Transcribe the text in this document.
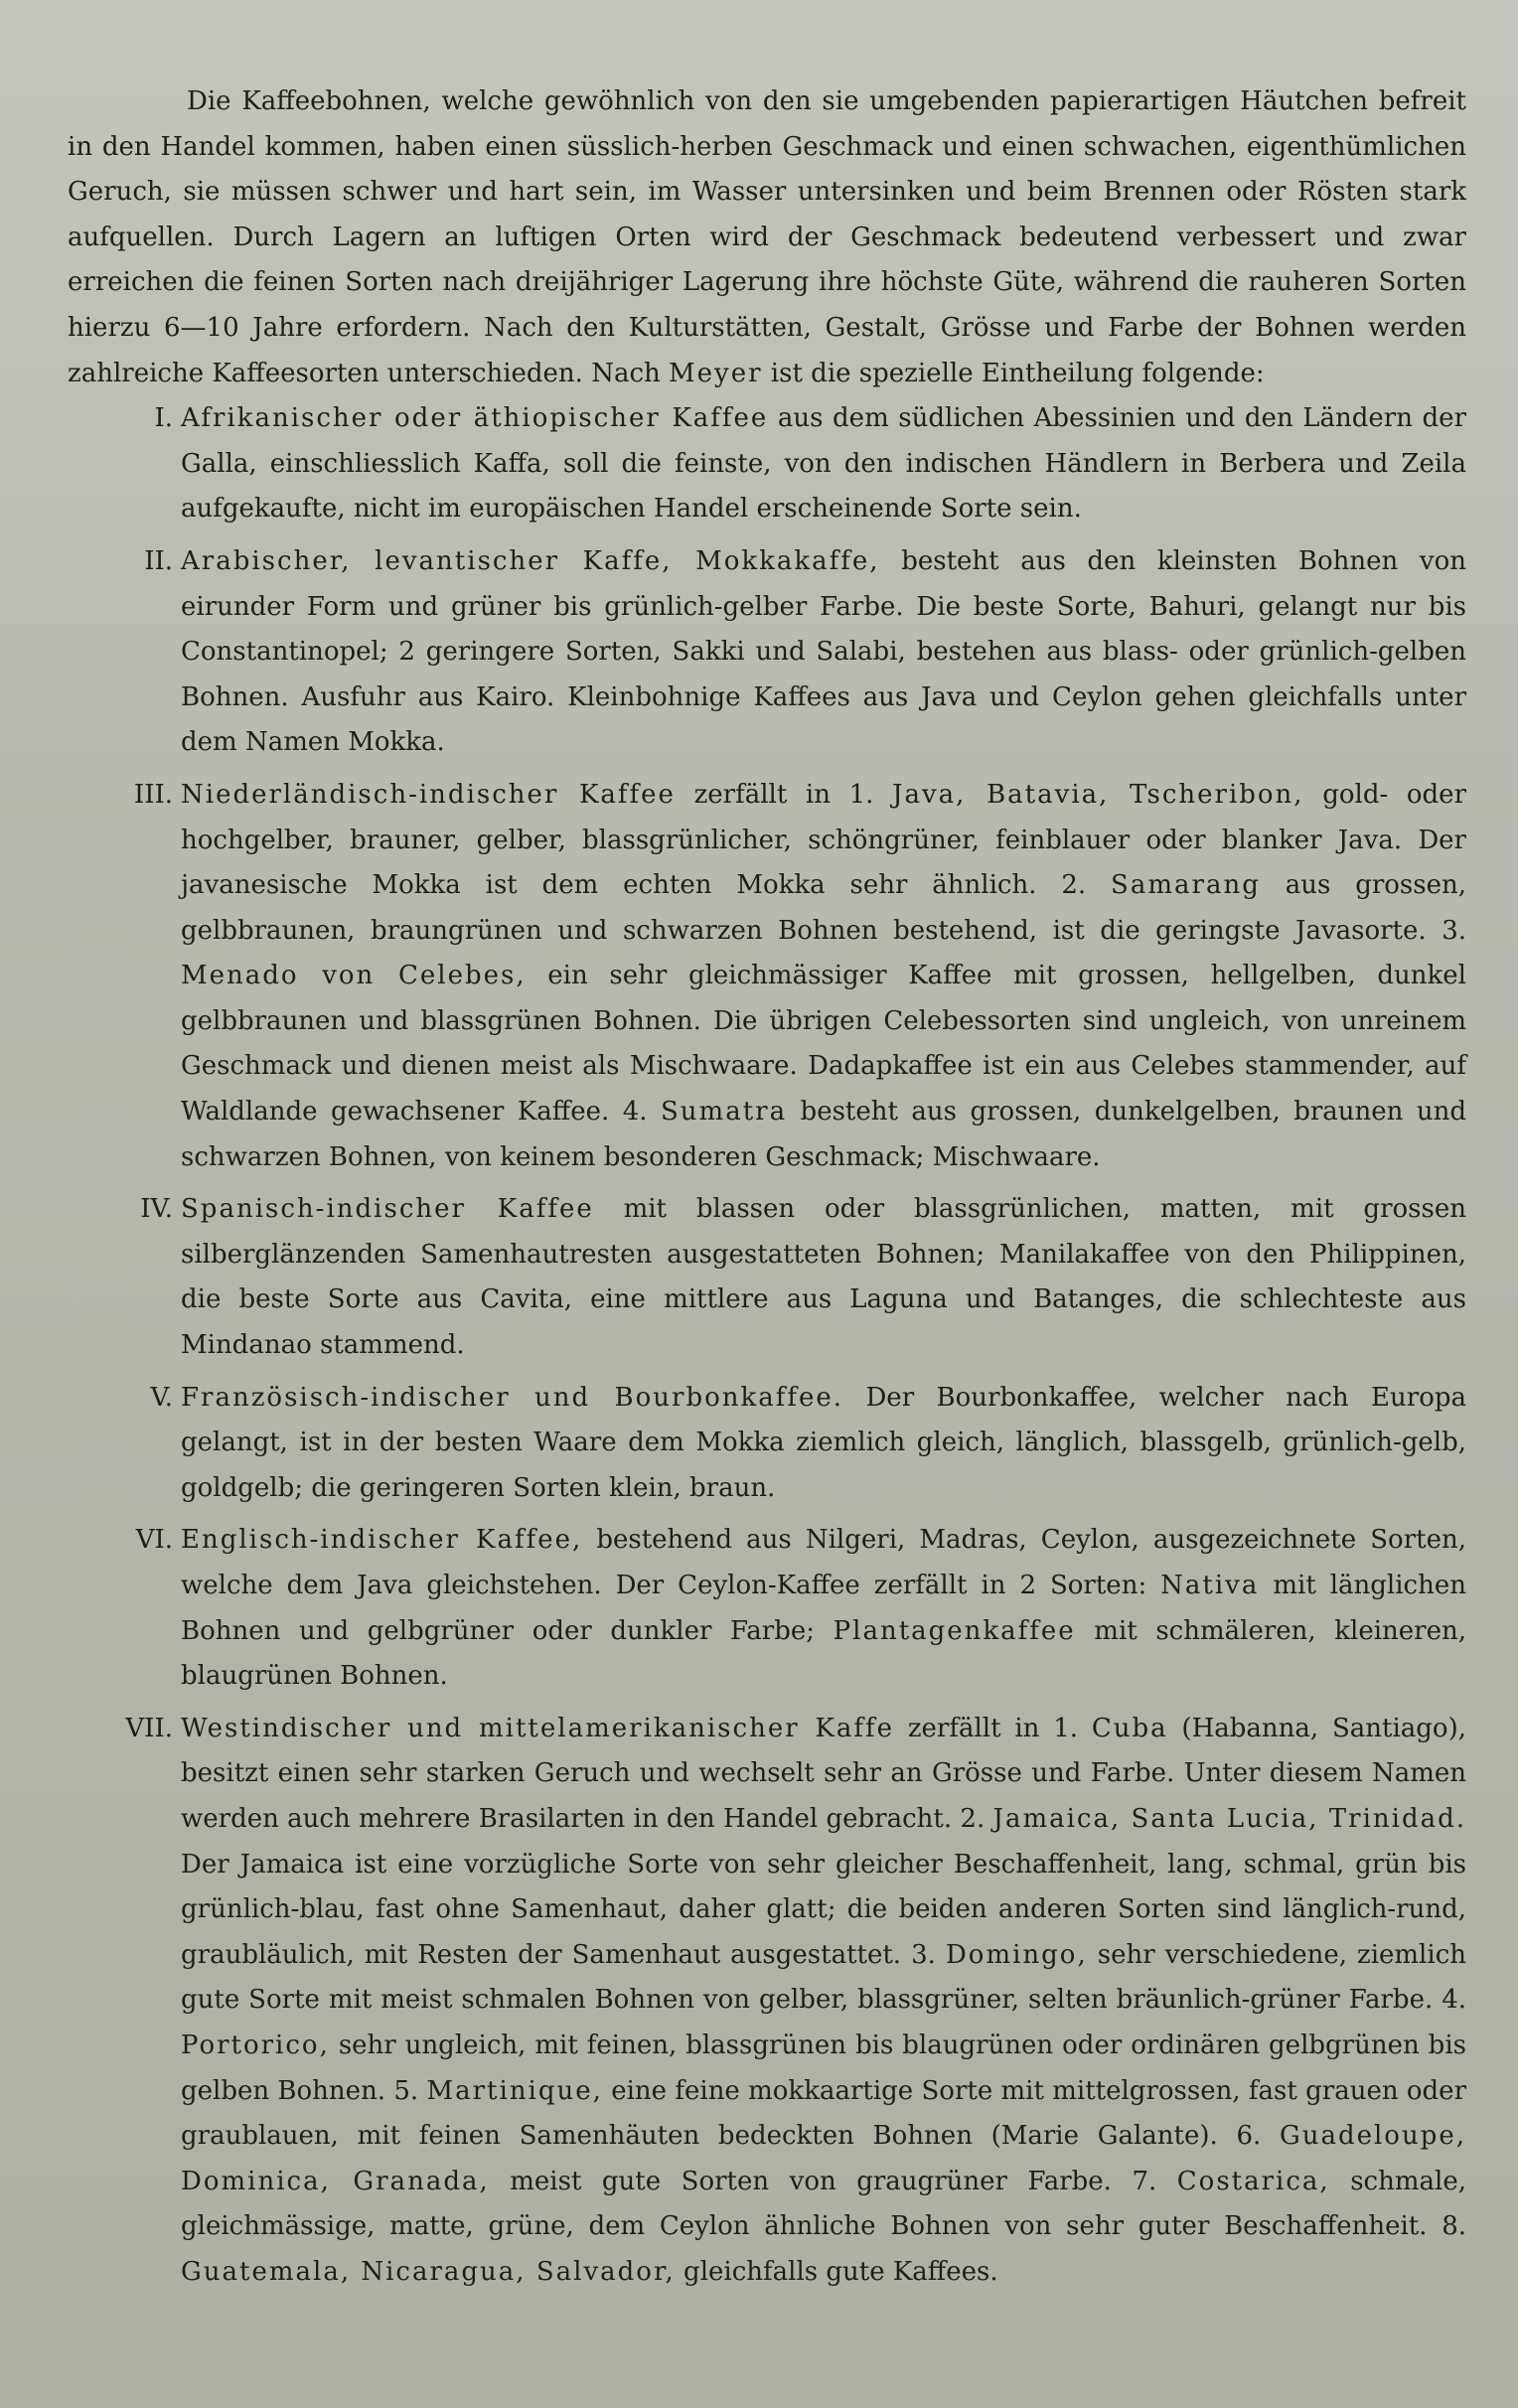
Die Kaffeebohnen, welche gewöhnlich von den sie umgebenden papierartigen Häutchen befreit in den Handel kommen, haben einen süsslich-herben Geschmack und einen schwachen, eigenthümlichen Geruch, sie müssen schwer und hart sein, im Wasser untersinken und beim Brennen oder Rösten stark aufquellen. Durch Lagern an luftigen Orten wird der Geschmack bedeutend verbessert und zwar erreichen die feinen Sorten nach dreijähriger Lagerung ihre höchste Güte, während die rauheren Sorten hierzu 6—10 Jahre erfordern. Nach den Kulturstätten, Gestalt, Grösse und Farbe der Bohnen werden zahlreiche Kaffeesorten unterschieden. Nach Meyer ist die spezielle Eintheilung folgende:

I. Afrikanischer oder äthiopischer Kaffee aus dem südlichen Abessinien und den Ländern der Galla, einschliesslich Kaffa, soll die feinste, von den indischen Händlern in Berbera und Zeila aufgekaufte, nicht im europäischen Handel erscheinende Sorte sein.
II. Arabischer, levantischer Kaffe, Mokkakaffe, besteht aus den kleinsten Bohnen von eirunder Form und grüner bis grünlich-gelber Farbe. Die beste Sorte, Bahuri, gelangt nur bis Constantinopel; 2 geringere Sorten, Sakki und Salabi, bestehen aus blass- oder grünlich-gelben Bohnen. Ausfuhr aus Kairo. Kleinbohnige Kaffees aus Java und Ceylon gehen gleichfalls unter dem Namen Mokka.
III. Niederländisch-indischer Kaffee zerfällt in 1. Java, Batavia, Tscheribon, gold- oder hochgelber, brauner, gelber, blassgrünlicher, schöngrüner, feinblauer oder blanker Java. Der javanesische Mokka ist dem echten Mokka sehr ähnlich. 2. Samarang aus grossen, gelbbraunen, braungrünen und schwarzen Bohnen bestehend, ist die geringste Javasorte. 3. Menado von Celebes, ein sehr gleichmässiger Kaffee mit grossen, hellgelben, dunkel gelbbraunen und blassgrünen Bohnen. Die übrigen Celebessorten sind ungleich, von unreinem Geschmack und dienen meist als Mischwaare. Dadapkaffee ist ein aus Celebes stammender, auf Waldlande gewachsener Kaffee. 4. Sumatra besteht aus grossen, dunkelgelben, braunen und schwarzen Bohnen, von keinem besonderen Geschmack; Mischwaare.
IV. Spanisch-indischer Kaffee mit blassen oder blassgrünlichen, matten, mit grossen silberglänzenden Samenhautresten ausgestatteten Bohnen; Manilakaffee von den Philippinen, die beste Sorte aus Cavita, eine mittlere aus Laguna und Batanges, die schlechteste aus Mindanao stammend.
V. Französisch-indischer und Bourbonkaffee. Der Bourbonkaffee, welcher nach Europa gelangt, ist in der besten Waare dem Mokka ziemlich gleich, länglich, blassgelb, grünlich-gelb, goldgelb; die geringeren Sorten klein, braun.
VI. Englisch-indischer Kaffee, bestehend aus Nilgeri, Madras, Ceylon, ausgezeichnete Sorten, welche dem Java gleichstehen. Der Ceylon-Kaffee zerfällt in 2 Sorten: Nativa mit länglichen Bohnen und gelbgrüner oder dunkler Farbe; Plantagenkaffee mit schmäleren, kleineren, blaugrünen Bohnen.
VII. Westindischer und mittelamerikanischer Kaffe zerfällt in 1. Cuba (Habanna, Santiago), besitzt einen sehr starken Geruch und wechselt sehr an Grösse und Farbe. Unter diesem Namen werden auch mehrere Brasilarten in den Handel gebracht. 2. Jamaica, Santa Lucia, Trinidad. Der Jamaica ist eine vorzügliche Sorte von sehr gleicher Beschaffenheit, lang, schmal, grün bis grünlich-blau, fast ohne Samenhaut, daher glatt; die beiden anderen Sorten sind länglich-rund, graubläulich, mit Resten der Samenhaut ausgestattet. 3. Domingo, sehr verschiedene, ziemlich gute Sorte mit meist schmalen Bohnen von gelber, blassgrüner, selten bräunlich-grüner Farbe. 4. Portorico, sehr ungleich, mit feinen, blassgrünen bis blaugrünen oder ordinären gelbgrünen bis gelben Bohnen. 5. Martinique, eine feine mokkaartige Sorte mit mittelgrossen, fast grauen oder graublauen, mit feinen Samenhäuten bedeckten Bohnen (Marie Galante). 6. Guadeloupe, Dominica, Granada, meist gute Sorten von graugrüner Farbe. 7. Costarica, schmale, gleichmässige, matte, grüne, dem Ceylon ähnliche Bohnen von sehr guter Beschaffenheit. 8. Guatemala, Nicaragua, Salvador, gleichfalls gute Kaffees.
